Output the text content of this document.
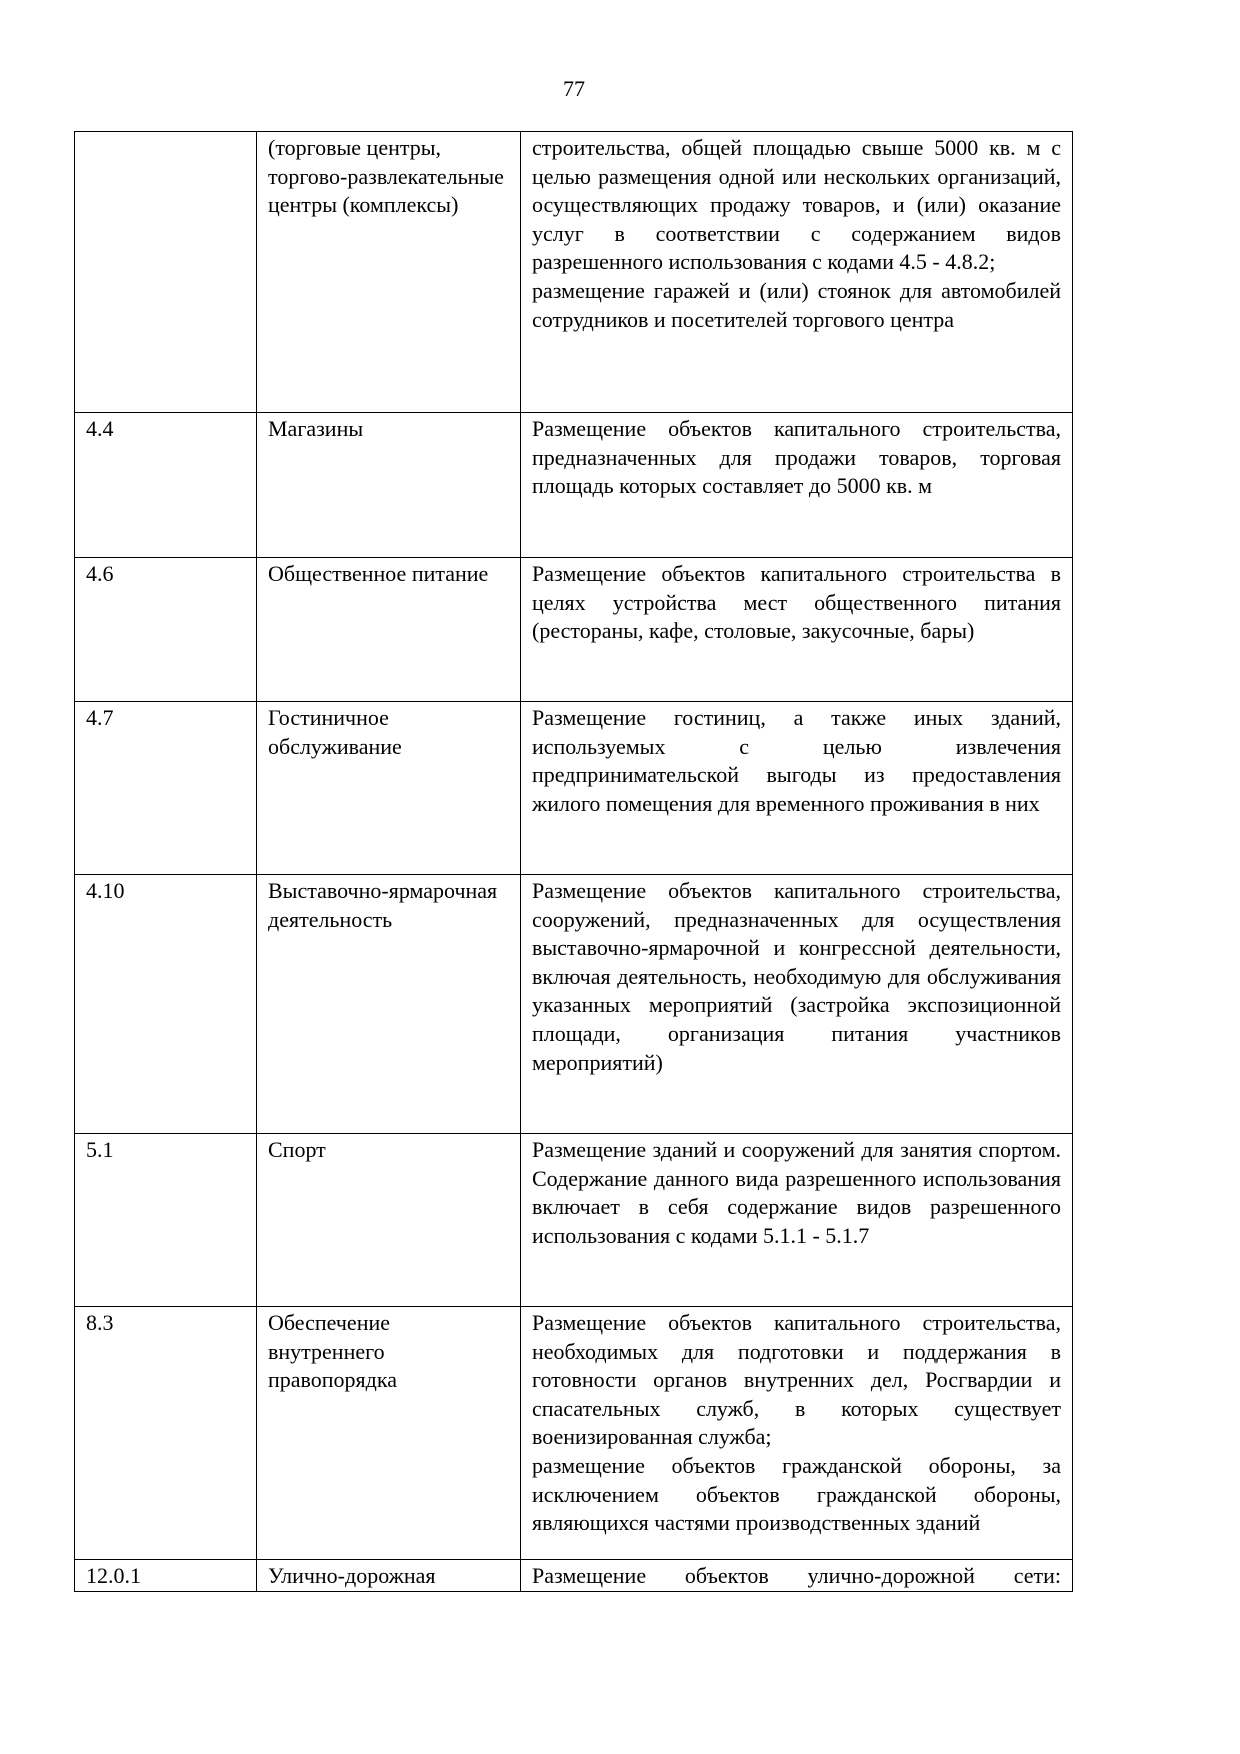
77
	(торговые центры, торгово-развлекательные центры (комплексы)	строительства, общей площадью свыше 5000 кв. м с целью размещения одной или нескольких организаций, осуществляющих продажу товаров, и (или) оказание услуг в соответствии с содержанием видов разрешенного использования с кодами 4.5 - 4.8.2;
размещение гаражей и (или) стоянок для автомобилей сотрудников и посетителей торгового центра

4.4	Магазины	Размещение объектов капитального строительства, предназначенных для продажи товаров, торговая площадь которых составляет до 5000 кв. м

4.6	Общественное питание	Размещение объектов капитального строительства в целях устройства мест общественного питания (рестораны, кафе, столовые, закусочные, бары)

4.7	Гостиничное обслуживание	Размещение гостиниц, а также иных зданий, используемых с целью извлечения предпринимательской выгоды из предоставления жилого помещения для временного проживания в них

4.10	Выставочно-ярмарочная деятельность	Размещение объектов капитального строительства, сооружений, предназначенных для осуществления выставочно-ярмарочной и конгрессной деятельности, включая деятельность, необходимую для обслуживания указанных мероприятий (застройка экспозиционной площади, организация питания участников мероприятий)

5.1	Спорт	Размещение зданий и сооружений для занятия спортом. Содержание данного вида разрешенного использования включает в себя содержание видов разрешенного использования с кодами 5.1.1 - 5.1.7

8.3	Обеспечение внутреннего правопорядка	Размещение объектов капитального строительства, необходимых для подготовки и поддержания в готовности органов внутренних дел, Росгвардии и спасательных служб, в которых существует военизированная служба;
размещение объектов гражданской обороны, за исключением объектов гражданской обороны, являющихся частями производственных зданий

12.0.1	Улично-дорожная	Размещение объектов улично-дорожной сети:
